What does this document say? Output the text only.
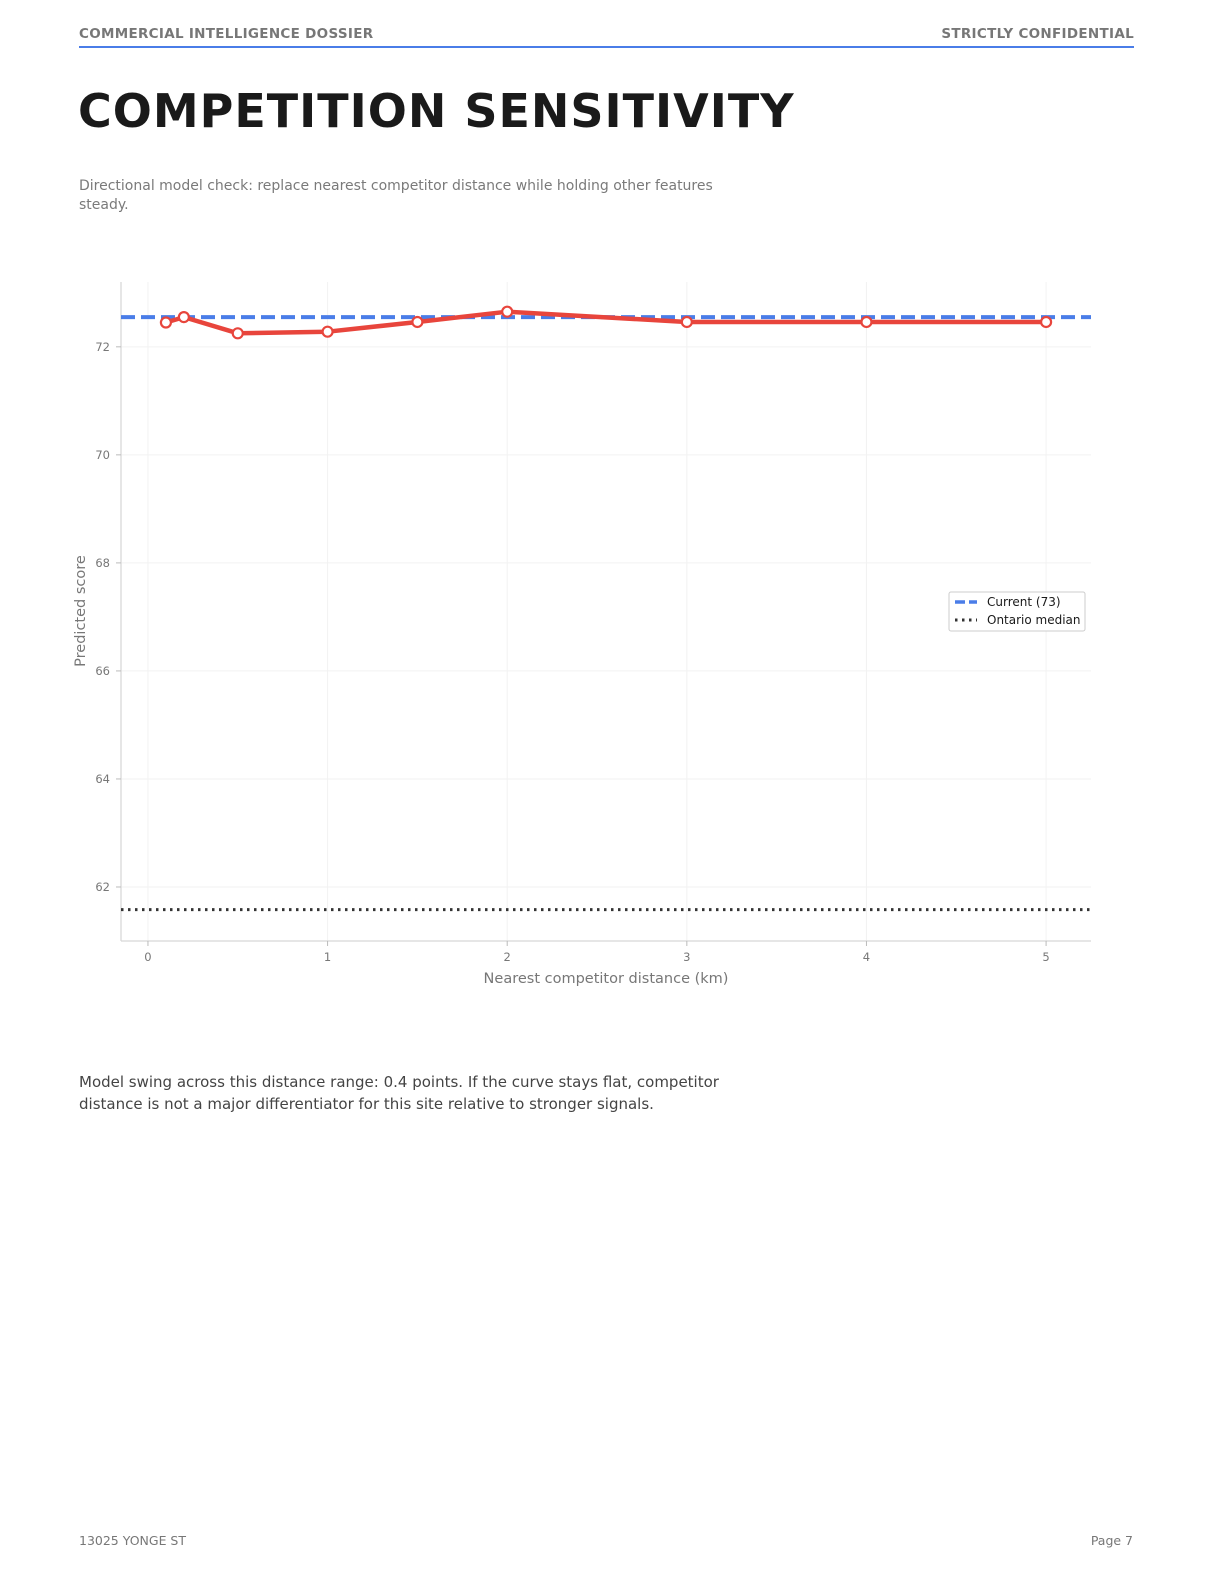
COMMERCIAL INTELLIGENCE DOSSIER	STRICTLY CONFIDENTIAL
COMPETITION SENSITIVITY

Directional model check: replace nearest competitor distance while holding other features steady.

0	1	2	3	4	5
62
64
66
68
70
72
Nearest competitor distance (km)
Predicted score	Current (73)
Ontario median

Model swing across this distance range: 0.4 points. If the curve stays flat, competitor distance is not a major differentiator for this site relative to stronger signals.

13025 YONGE ST	Page 7
